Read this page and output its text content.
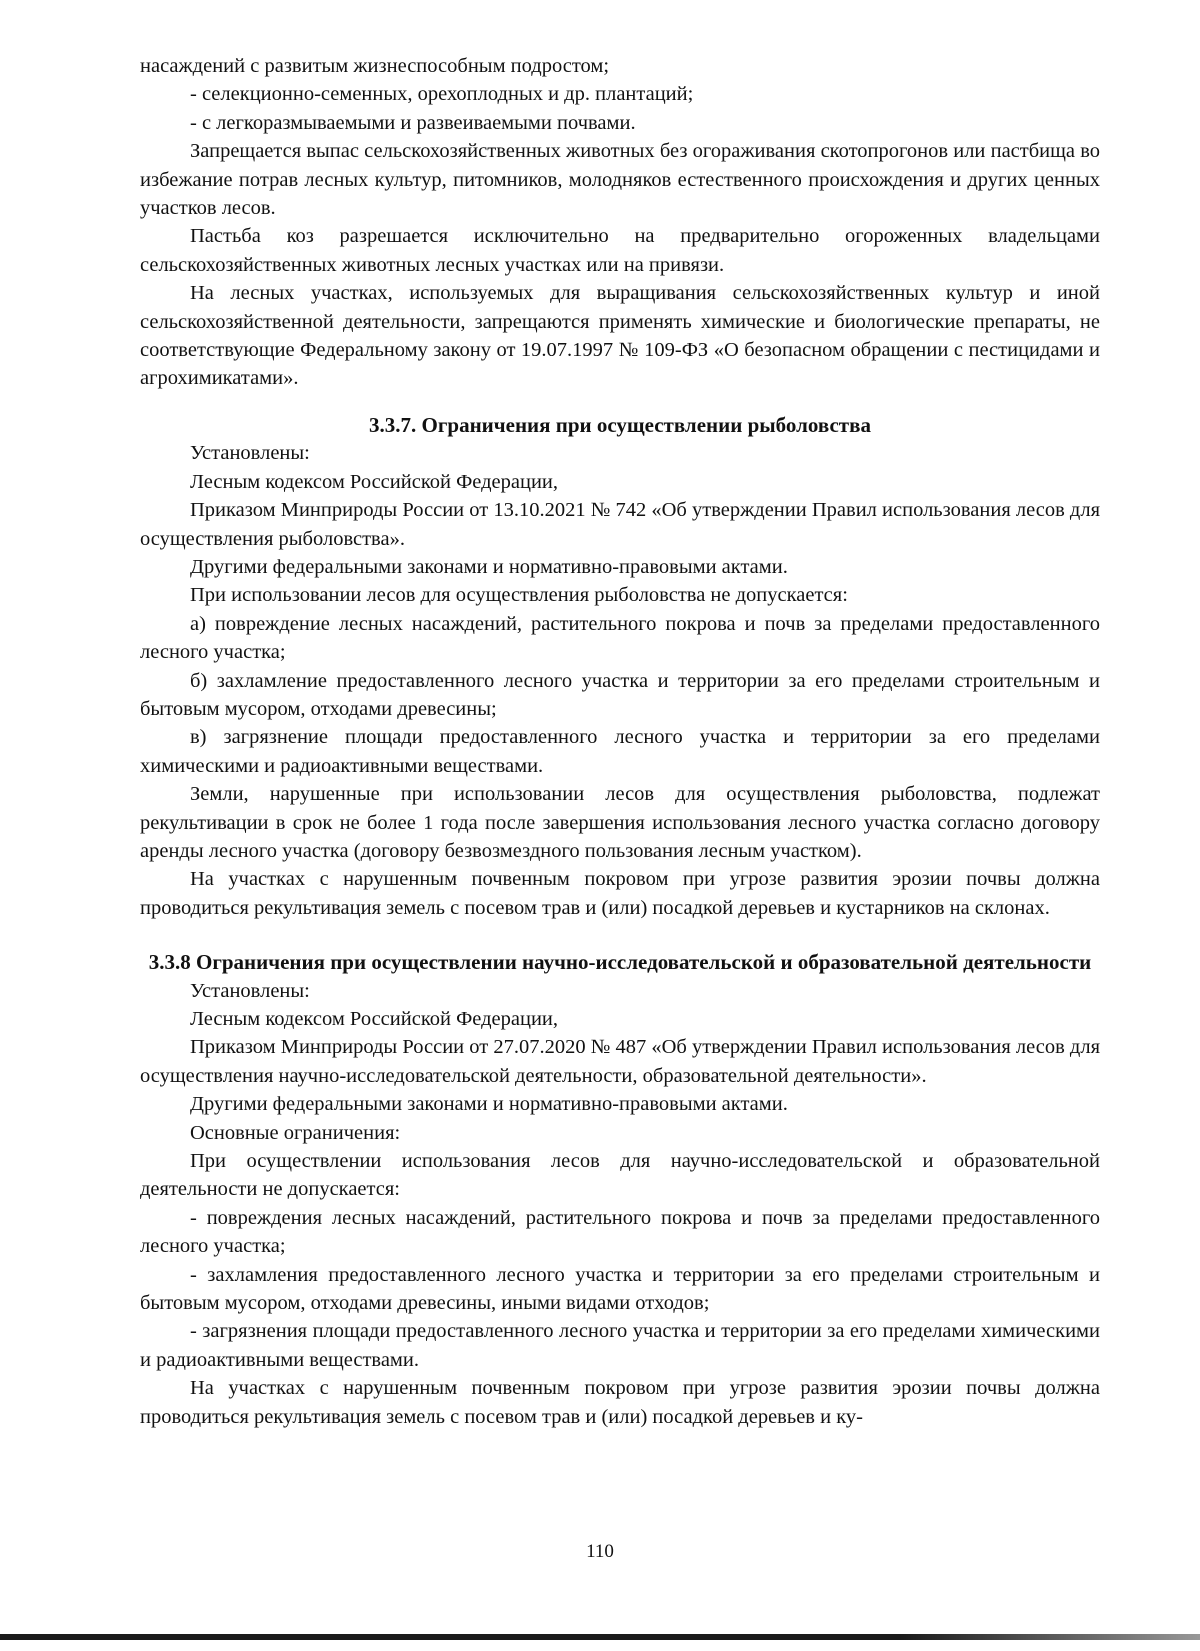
насаждений с развитым жизнеспособным подростом;

- селекционно-семенных, орехоплодных и др. плантаций;

- с легкоразмываемыми и развеиваемыми почвами.

Запрещается выпас сельскохозяйственных животных без огораживания скотопрогонов или пастбища во избежание потрав лесных культур, питомников, молодняков естественного происхождения и других ценных участков лесов.

Пастьба коз разрешается исключительно на предварительно огороженных владельцами сельскохозяйственных животных лесных участках или на привязи.

На лесных участках, используемых для выращивания сельскохозяйственных культур и иной сельскохозяйственной деятельности, запрещаются применять химические и биологические препараты, не соответствующие Федеральному закону от 19.07.1997 № 109-ФЗ «О безопасном обращении с пестицидами и агрохимикатами».

3.3.7. Ограничения при осуществлении рыболовства

Установлены:

Лесным кодексом Российской Федерации,

Приказом Минприроды России от 13.10.2021 № 742 «Об утверждении Правил использования лесов для осуществления рыболовства».

Другими федеральными законами и нормативно-правовыми актами.

При использовании лесов для осуществления рыболовства не допускается:

а) повреждение лесных насаждений, растительного покрова и почв за пределами предоставленного лесного участка;

б) захламление предоставленного лесного участка и территории за его пределами строительным и бытовым мусором, отходами древесины;

в) загрязнение площади предоставленного лесного участка и территории за его пределами химическими и радиоактивными веществами.

Земли, нарушенные при использовании лесов для осуществления рыболовства, подлежат рекультивации в срок не более 1 года после завершения использования лесного участка согласно договору аренды лесного участка (договору безвозмездного пользования лесным участком).

На участках с нарушенным почвенным покровом при угрозе развития эрозии почвы должна проводиться рекультивация земель с посевом трав и (или) посадкой деревьев и кустарников на склонах.

3.3.8 Ограничения при осуществлении научно-исследовательской и образовательной деятельности

Установлены:

Лесным кодексом Российской Федерации,

Приказом Минприроды России от 27.07.2020 № 487 «Об утверждении Правил использования лесов для осуществления научно-исследовательской деятельности, образовательной деятельности».

Другими федеральными законами и нормативно-правовыми актами.

Основные ограничения:

При осуществлении использования лесов для научно-исследовательской и образовательной деятельности не допускается:

- повреждения лесных насаждений, растительного покрова и почв за пределами предоставленного лесного участка;

- захламления предоставленного лесного участка и территории за его пределами строительным и бытовым мусором, отходами древесины, иными видами отходов;

- загрязнения площади предоставленного лесного участка и территории за его пределами химическими и радиоактивными веществами.

На участках с нарушенным почвенным покровом при угрозе развития эрозии почвы должна проводиться рекультивация земель с посевом трав и (или) посадкой деревьев и ку-

110
